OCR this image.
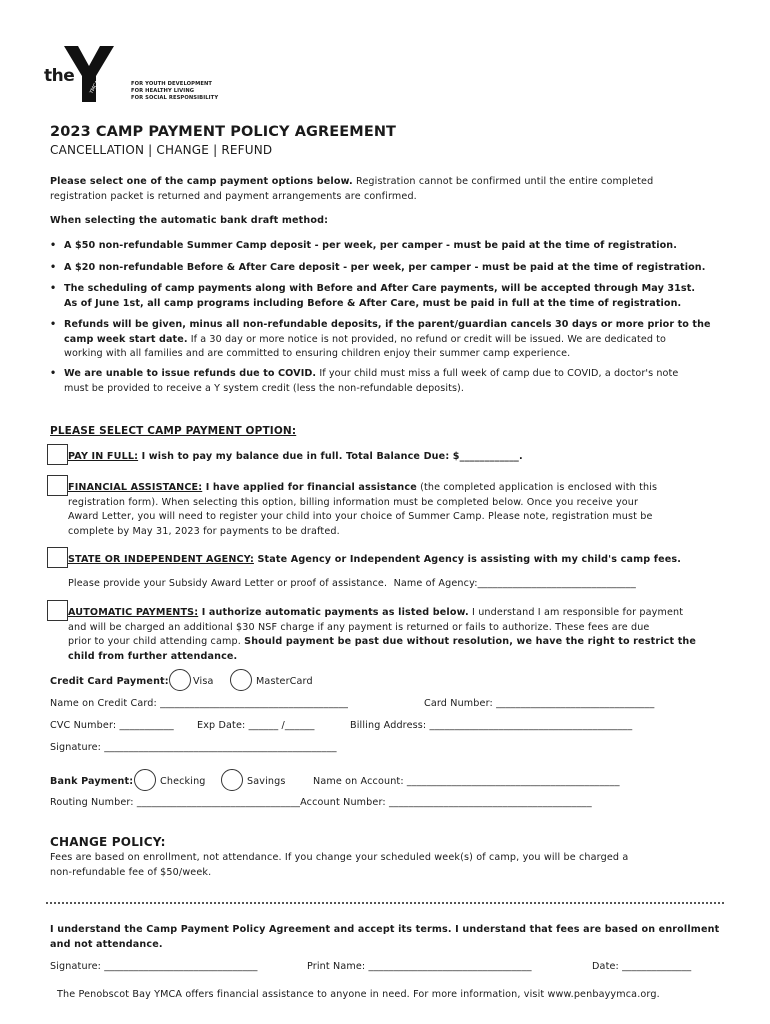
the
YMCA	FOR YOUTH DEVELOPMENT
FOR HEALTHY LIVING
FOR SOCIAL RESPONSIBILITY
2023 CAMP PAYMENT POLICY AGREEMENT
CANCELLATION | CHANGE | REFUND
Please select one of the camp payment options below. Registration cannot be confirmed until the entire completed
registration packet is returned and payment arrangements are confirmed.
When selecting the automatic bank draft method:
• A $50 non-refundable Summer Camp deposit - per week, per camper - must be paid at the time of registration.
• A $20 non-refundable Before & After Care deposit - per week, per camper - must be paid at the time of registration.
• The scheduling of camp payments along with Before and After Care payments, will be accepted through May 31st.
As of June 1st, all camp programs including Before & After Care, must be paid in full at the time of registration.
• Refunds will be given, minus all non-refundable deposits, if the parent/guardian cancels 30 days or more prior to the
camp week start date. If a 30 day or more notice is not provided, no refund or credit will be issued. We are dedicated to
working with all families and are committed to ensuring children enjoy their summer camp experience.
• We are unable to issue refunds due to COVID. If your child must miss a full week of camp due to COVID, a doctor's note
must be provided to receive a Y system credit (less the non-refundable deposits).
PLEASE SELECT CAMP PAYMENT OPTION:
PAY IN FULL: I wish to pay my balance due in full. Total Balance Due: $____________.
FINANCIAL ASSISTANCE: I have applied for financial assistance (the completed application is enclosed with this
registration form). When selecting this option, billing information must be completed below. Once you receive your
Award Letter, you will need to register your child into your choice of Summer Camp. Please note, registration must be
complete by May 31, 2023 for payments to be drafted.
STATE OR INDEPENDENT AGENCY: State Agency or Independent Agency is assisting with my child's camp fees.
Please provide your Subsidy Award Letter or proof of assistance.  Name of Agency:________________________________
AUTOMATIC PAYMENTS: I authorize automatic payments as listed below. I understand I am responsible for payment
and will be charged an additional $30 NSF charge if any payment is returned or fails to authorize. These fees are due
prior to your child attending camp. Should payment be past due without resolution, we have the right to restrict the
child from further attendance.
Credit Card Payment:	Visa	MasterCard
Name on Credit Card: ______________________________________	Card Number: ________________________________
CVC Number: ___________ Exp Date: ______ /______	Billing Address: _________________________________________
Signature: _______________________________________________
Bank Payment:	Checking	Savings	Name on Account: ___________________________________________
Routing Number: _________________________________Account Number: _________________________________________
CHANGE POLICY:
Fees are based on enrollment, not attendance. If you change your scheduled week(s) of camp, you will be charged a
non-refundable fee of $50/week.
I understand the Camp Payment Policy Agreement and accept its terms. I understand that fees are based on enrollment
and not attendance.
Signature: _______________________________	Print Name: _________________________________	Date: ______________
The Penobscot Bay YMCA offers financial assistance to anyone in need. For more information, visit www.penbayymca.org.
